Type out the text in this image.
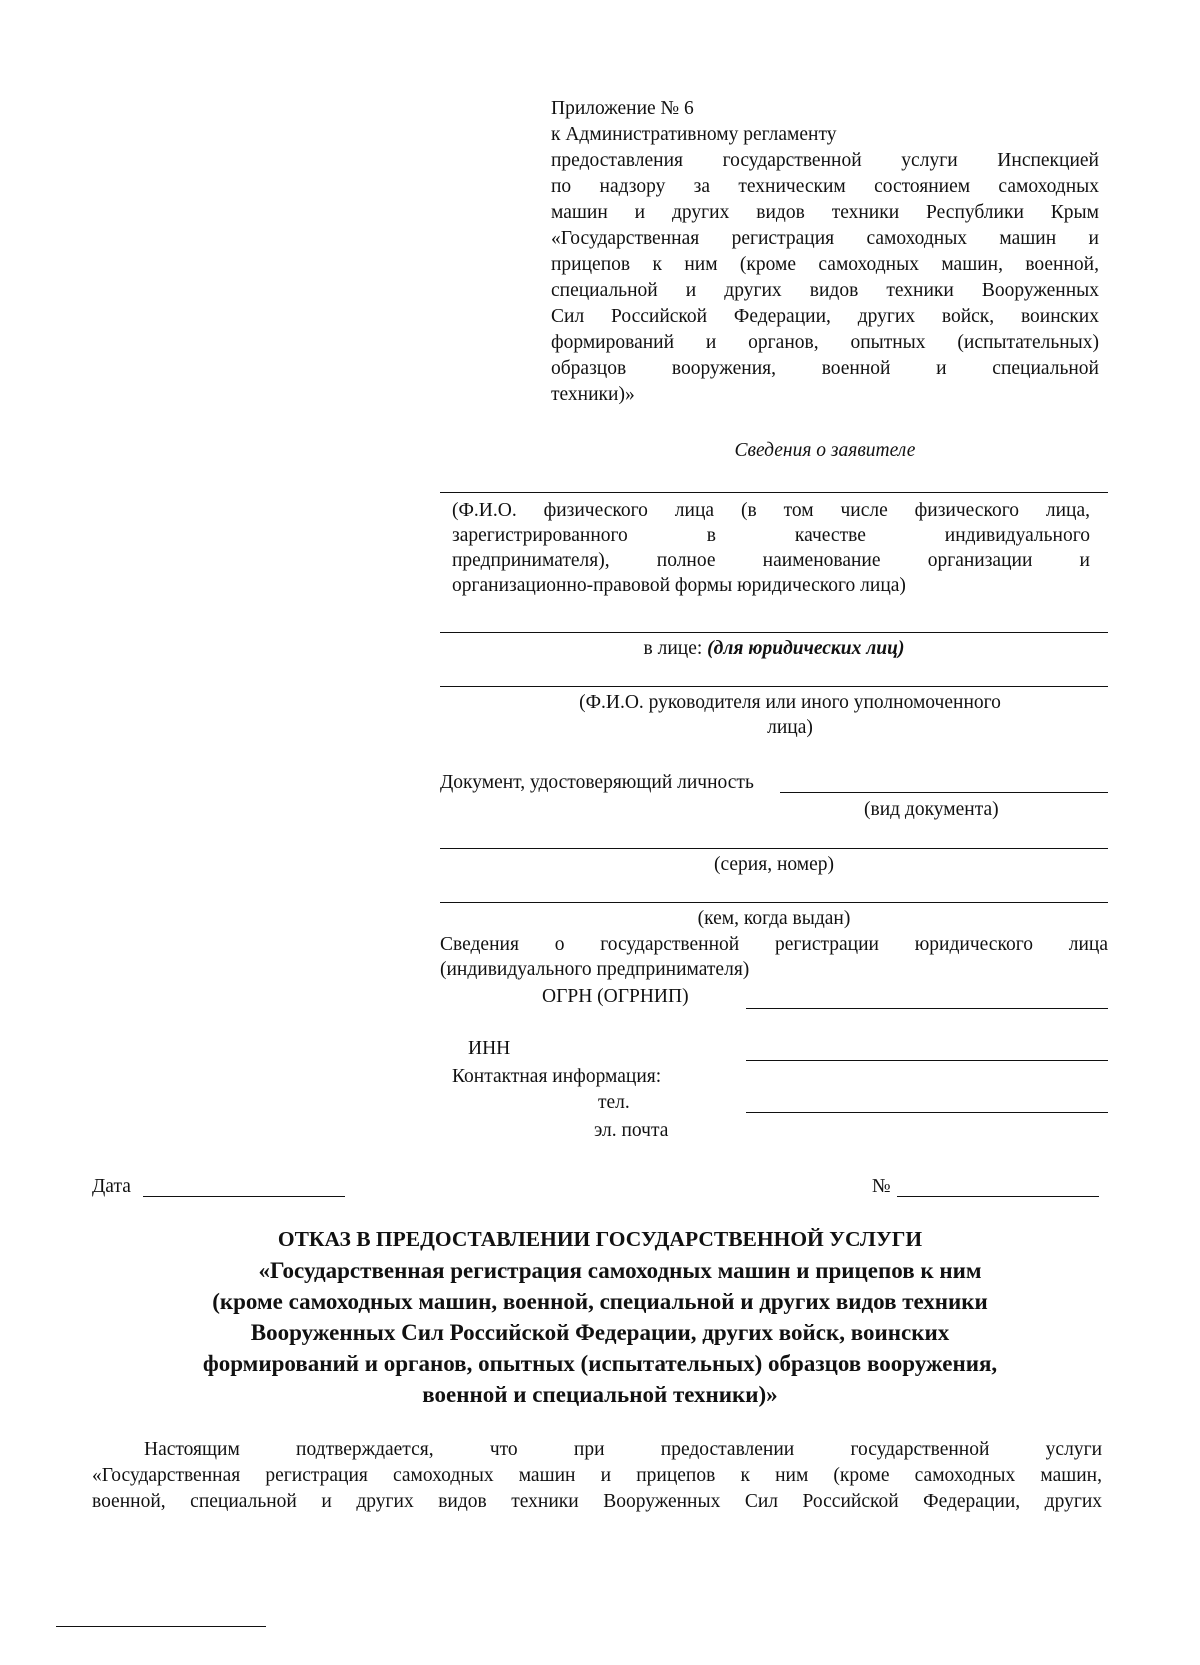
Приложение № 6
к Административному регламенту
предоставления государственной услуги Инспекцией
по надзору за техническим состоянием самоходных
машин и других видов техники Республики Крым
«Государственная регистрация самоходных машин и
прицепов к ним (кроме самоходных машин, военной,
специальной и других видов техники Вооруженных
Сил Российской Федерации, других войск, воинских
формирований и органов, опытных (испытательных)
образцов вооружения, военной и специальной
техники)»
Сведения о заявителе
(Ф.И.О. физического лица (в том числе физического лица,
зарегистрированного в качестве индивидуального
предпринимателя), полное наименование организации и
организационно-правовой формы юридического лица)
в лице: (для юридических лиц)
(Ф.И.О. руководителя или иного уполномоченного
лица)
Документ, удостоверяющий личность
(вид документа)
(серия, номер)
(кем, когда выдан)
Сведения о государственной регистрации юридического лица
(индивидуального предпринимателя)
ОГРН (ОГРНИП)
ИНН
Контактная информация:
тел.
эл. почта
Дата	№
ОТКАЗ В ПРЕДОСТАВЛЕНИИ ГОСУДАРСТВЕННОЙ УСЛУГИ
«Государственная регистрация самоходных машин и прицепов к ним
(кроме самоходных машин, военной, специальной и других видов техники
Вооруженных Сил Российской Федерации, других войск, воинских
формирований и органов, опытных (испытательных) образцов вооружения,
военной и специальной техники)»
Настоящим подтверждается, что при предоставлении государственной услуги
«Государственная регистрация самоходных машин и прицепов к ним (кроме самоходных машин,
военной, специальной и других видов техники Вооруженных Сил Российской Федерации, других
